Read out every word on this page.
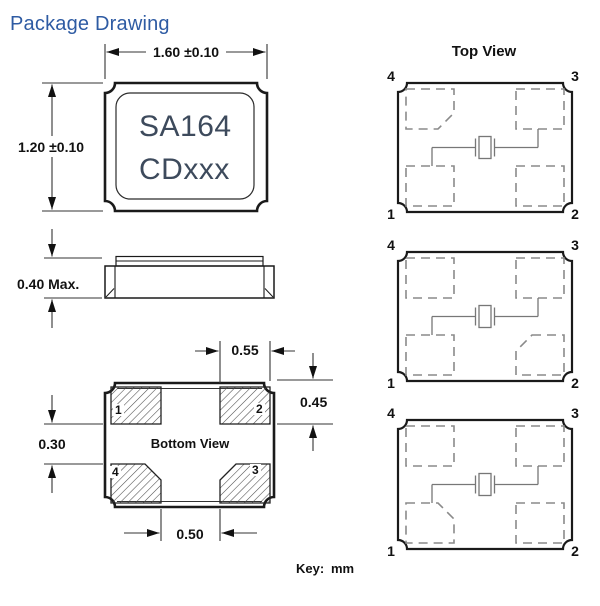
Package Drawing
1.60 ±0.10
1.20 ±0.10
SA164
CDxxx
0.40 Max.
0.55
0.45
0.30
0.50
Bottom View
1	2
4	3
Key: mm
Top View
4	3
1	2
4	3
1	2
4	3
1	2
